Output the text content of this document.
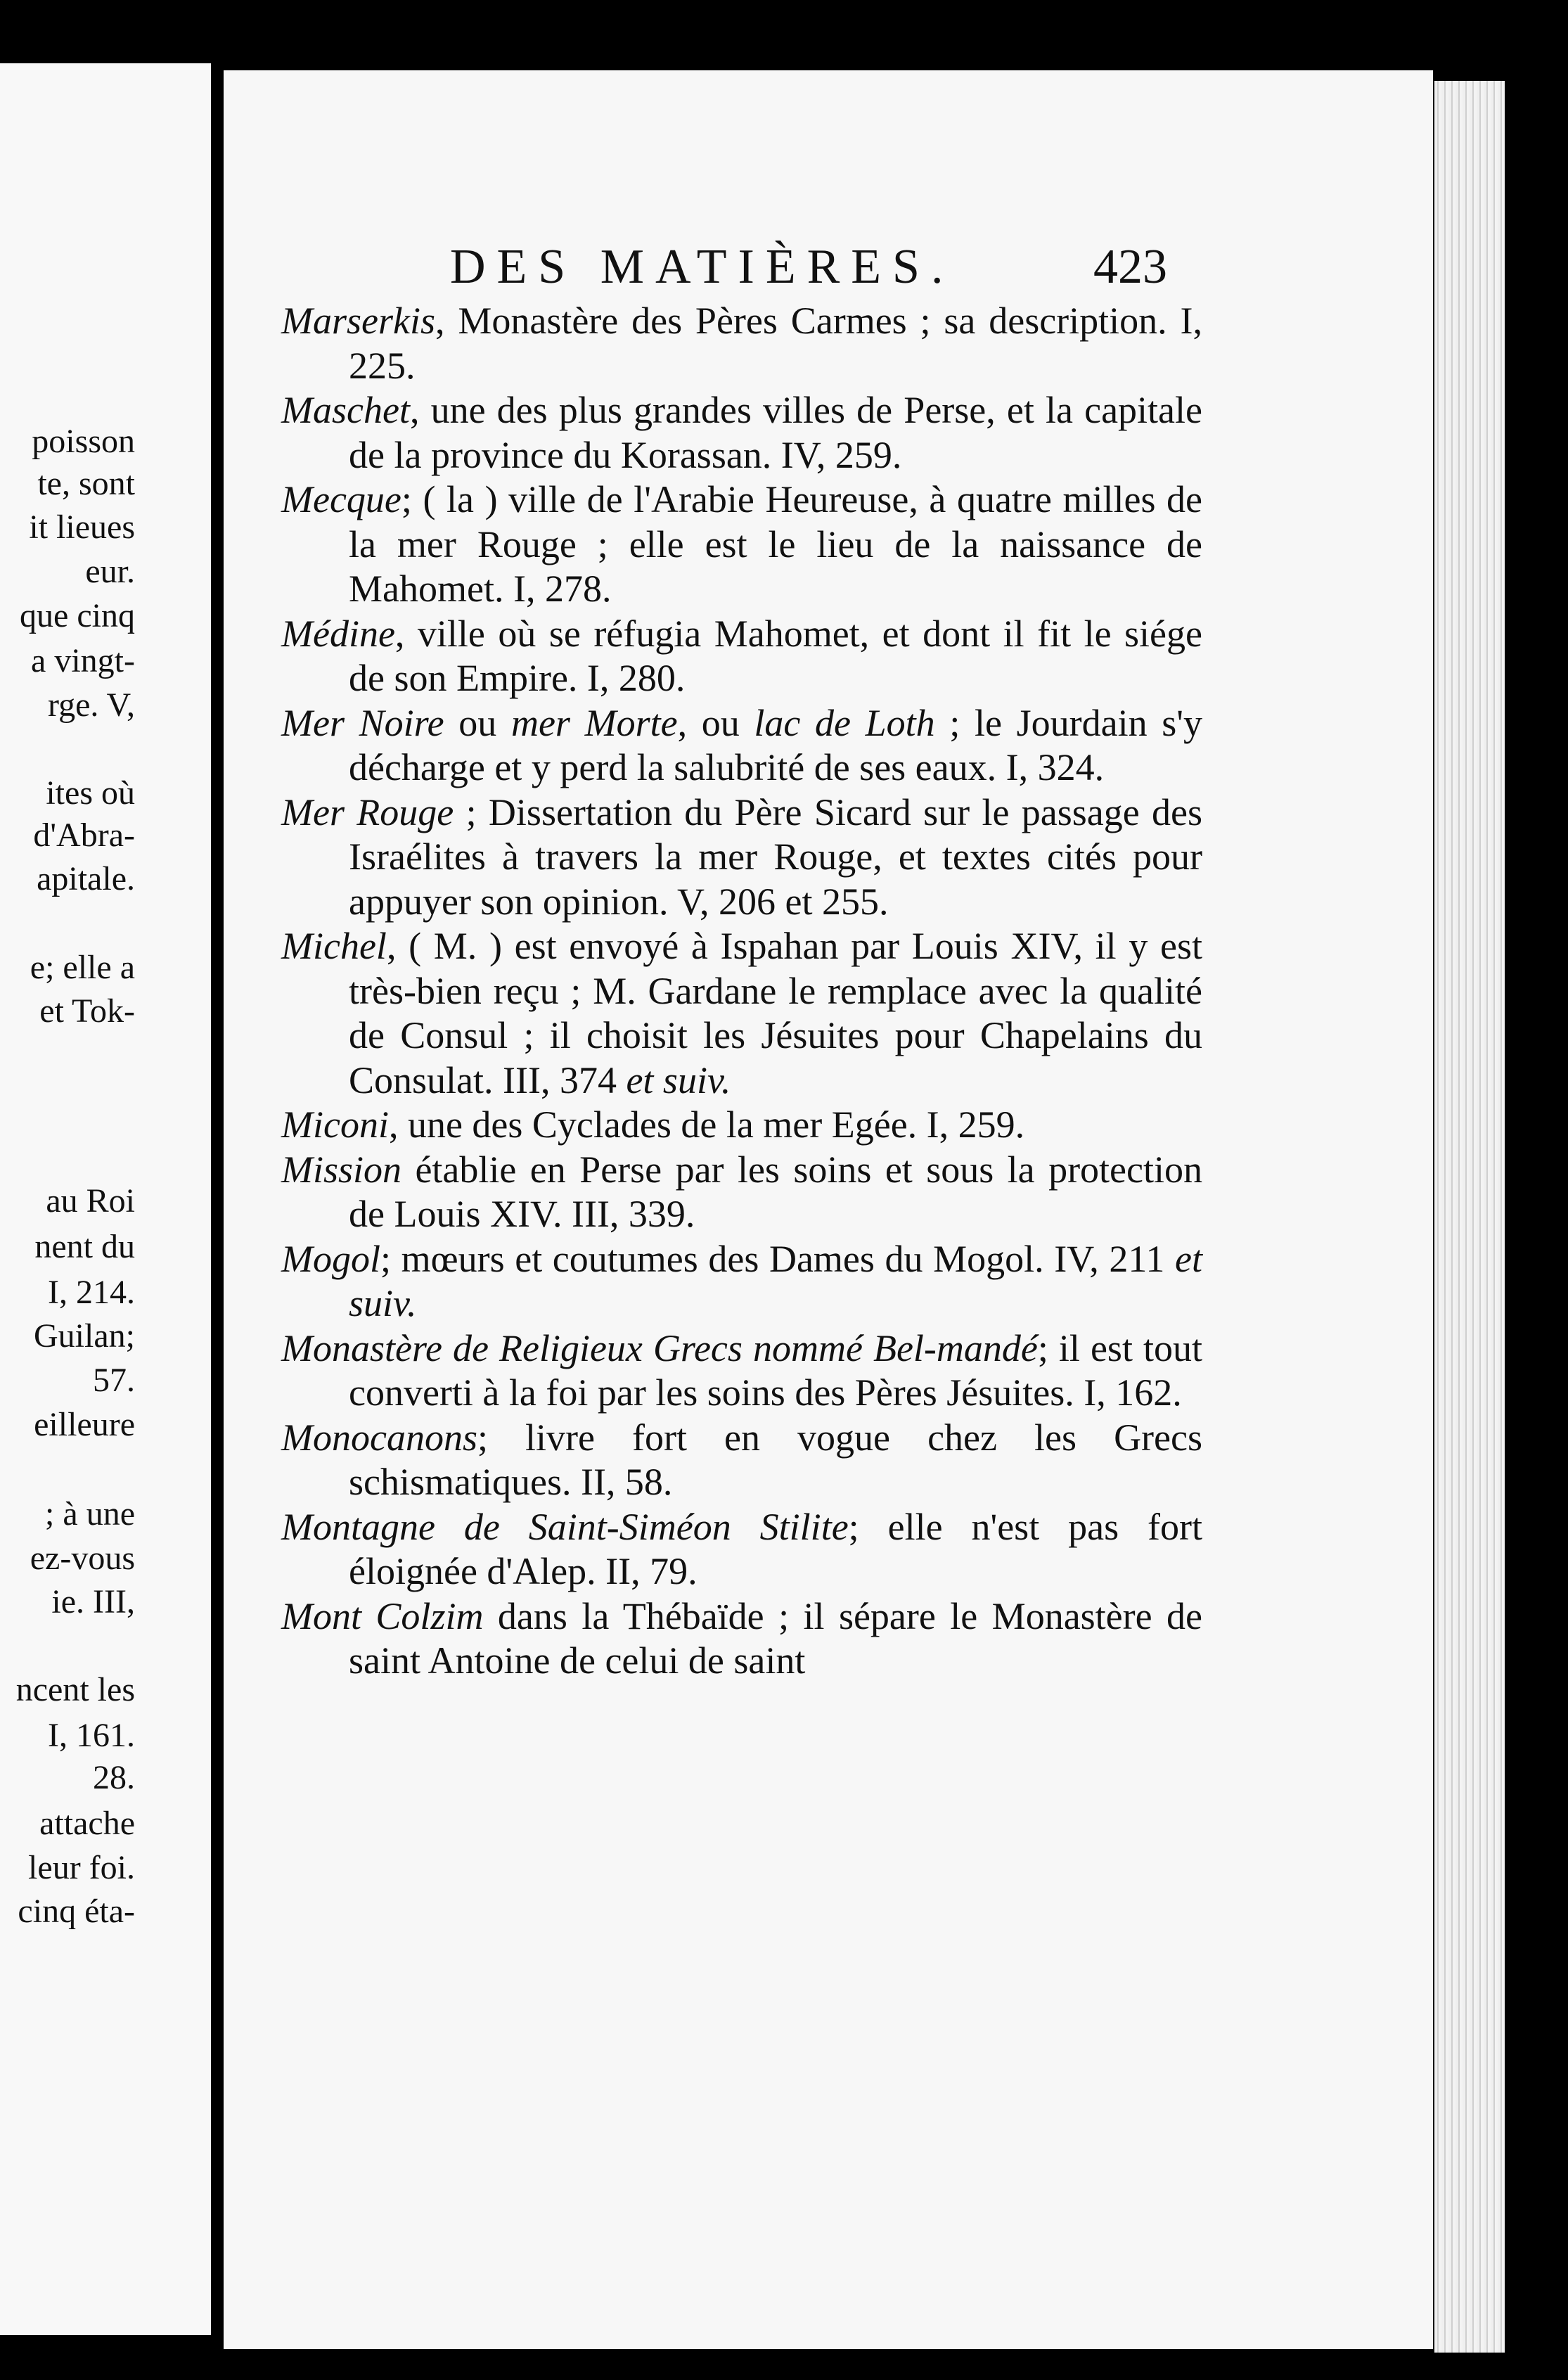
poisson
te, sont
it lieues
eur.
que cinq
a vingt-
rge. V,
ites où
d'Abra-
apitale.
e; elle a
et Tok-
au Roi
nent du
I, 214.
Guilan;
57.
eilleure
; à une
ez-vous
ie. III,
ncent les
I, 161.
28.
attache
leur foi.
cinq éta-
DES MATIÈRES.	423
Marserkis, Monastère des Pères Carmes ; sa description. I, 225.
Maschet, une des plus grandes villes de Perse, et la capitale de la province du Korassan. IV, 259.
Mecque; ( la ) ville de l'Arabie Heureuse, à quatre milles de la mer Rouge ; elle est le lieu de la naissance de Mahomet. I, 278.
Médine, ville où se réfugia Mahomet, et dont il fit le siége de son Empire. I, 280.
Mer Noire ou mer Morte, ou lac de Loth ; le Jourdain s'y décharge et y perd la salubrité de ses eaux. I, 324.
Mer Rouge ; Dissertation du Père Sicard sur le passage des Israélites à travers la mer Rouge, et textes cités pour appuyer son opinion. V, 206 et 255.
Michel, ( M. ) est envoyé à Ispahan par Louis XIV, il y est très-bien reçu ; M. Gardane le remplace avec la qualité de Consul ; il choisit les Jésuites pour Chapelains du Consulat. III, 374 et suiv.
Miconi, une des Cyclades de la mer Egée. I, 259.
Mission établie en Perse par les soins et sous la protection de Louis XIV. III, 339.
Mogol; mœurs et coutumes des Dames du Mogol. IV, 211 et suiv.
Monastère de Religieux Grecs nommé Bel-mandé; il est tout converti à la foi par les soins des Pères Jésuites. I, 162.
Monocanons; livre fort en vogue chez les Grecs schismatiques. II, 58.
Montagne de Saint-Siméon Stilite; elle n'est pas fort éloignée d'Alep. II, 79.
Mont Colzim dans la Thébaïde ; il sépare le Monastère de saint Antoine de celui de saint
